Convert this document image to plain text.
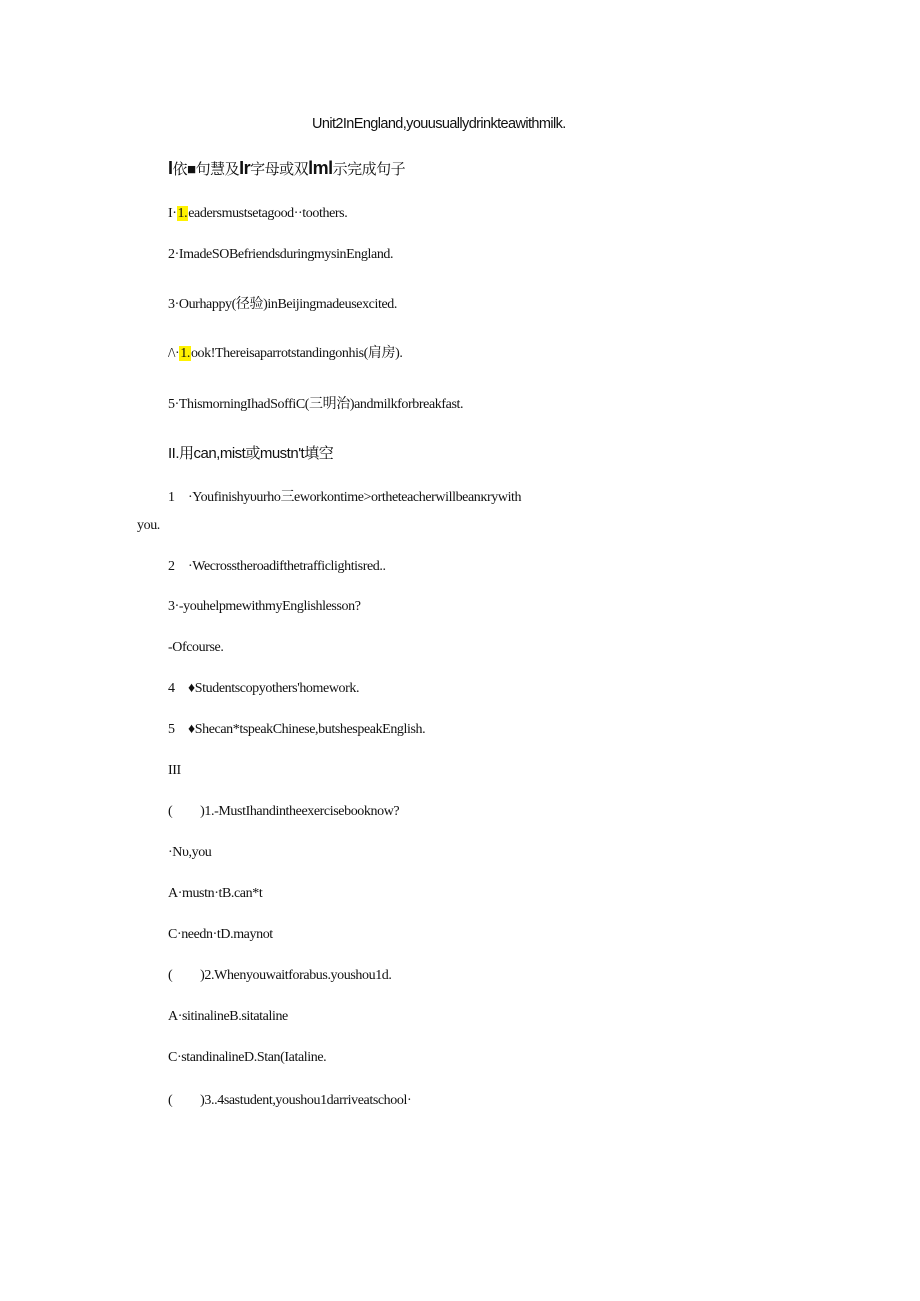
Unit2InEngland,youusuallydrinkteawithmilk.
I依■句慧及Ir字母或双lml示完成句子
I·1.eadersmustsetagood··toothers.
2·ImadeSOBefriendsduringmysinEngland.
3·Ourhappy(径验)inBeijingmadeusexcited.
/\·1.ook!Thereisaparrotstandingonhis(肩房).
5·ThismorningIhadSoffiC(三明治)andmilkforbreakfast.
II.用can,mist或mustn't填空
1 ·Youfinishyυurho三eworkontime>ortheteacherwillbeanĸrywith
you.
2 ·Wecrosstheroadifthetrafficlightisred..
3·-youhelpmewithmyEnglishlesson?
-Ofcourse.
4 ♦Studentscopyothers'homework.
5 ♦Shecan*tspeakChinese,butshespeakEnglish.
III
(         )1.-MustIhandintheexercisebooknow?
·Nυ,you
A·mustn·tB.can*t
C·needn·tD.maynot
(         )2.Whenyouwaitforabus.youshou1d.
A·sitinalineB.sitataline
C·standinalineD.Stan(Iataline.
(         )3..4sastudent,youshou1darriveatschool·
